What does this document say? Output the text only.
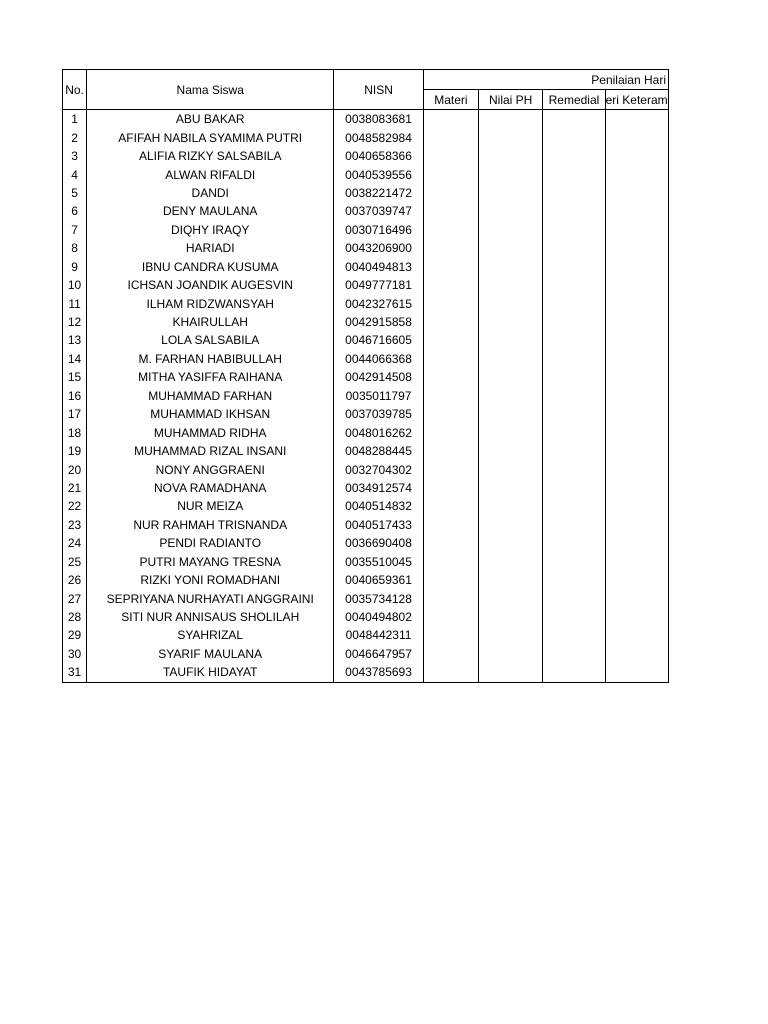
No.	Nama Siswa	NISN	Penilaian Hari			
			Materi	Nilai PH	Remedial	eri Keteram

1	ABU BAKAR	0038083681				
2	AFIFAH NABILA SYAMIMA PUTRI	0048582984				
3	ALIFIA RIZKY SALSABILA	0040658366				
4	ALWAN RIFALDI	0040539556				
5	DANDI	0038221472				
6	DENY MAULANA	0037039747				
7	DIQHY IRAQY	0030716496				
8	HARIADI	0043206900				
9	IBNU CANDRA KUSUMA	0040494813				
10	ICHSAN JOANDIK AUGESVIN	0049777181				
11	ILHAM RIDZWANSYAH	0042327615				
12	KHAIRULLAH	0042915858				
13	LOLA SALSABILA	0046716605				
14	M. FARHAN HABIBULLAH	0044066368				
15	MITHA YASIFFA RAIHANA	0042914508				
16	MUHAMMAD FARHAN	0035011797				
17	MUHAMMAD IKHSAN	0037039785				
18	MUHAMMAD RIDHA	0048016262				
19	MUHAMMAD RIZAL INSANI	0048288445				
20	NONY ANGGRAENI	0032704302				
21	NOVA RAMADHANA	0034912574				
22	NUR MEIZA	0040514832				
23	NUR RAHMAH TRISNANDA	0040517433				
24	PENDI RADIANTO	0036690408				
25	PUTRI MAYANG TRESNA	0035510045				
26	RIZKI YONI ROMADHANI	0040659361				
27	SEPRIYANA NURHAYATI ANGGRAINI	0035734128				
28	SITI NUR ANNISAUS SHOLILAH	0040494802				
29	SYAHRIZAL	0048442311				
30	SYARIF MAULANA	0046647957				
31	TAUFIK HIDAYAT	0043785693				
